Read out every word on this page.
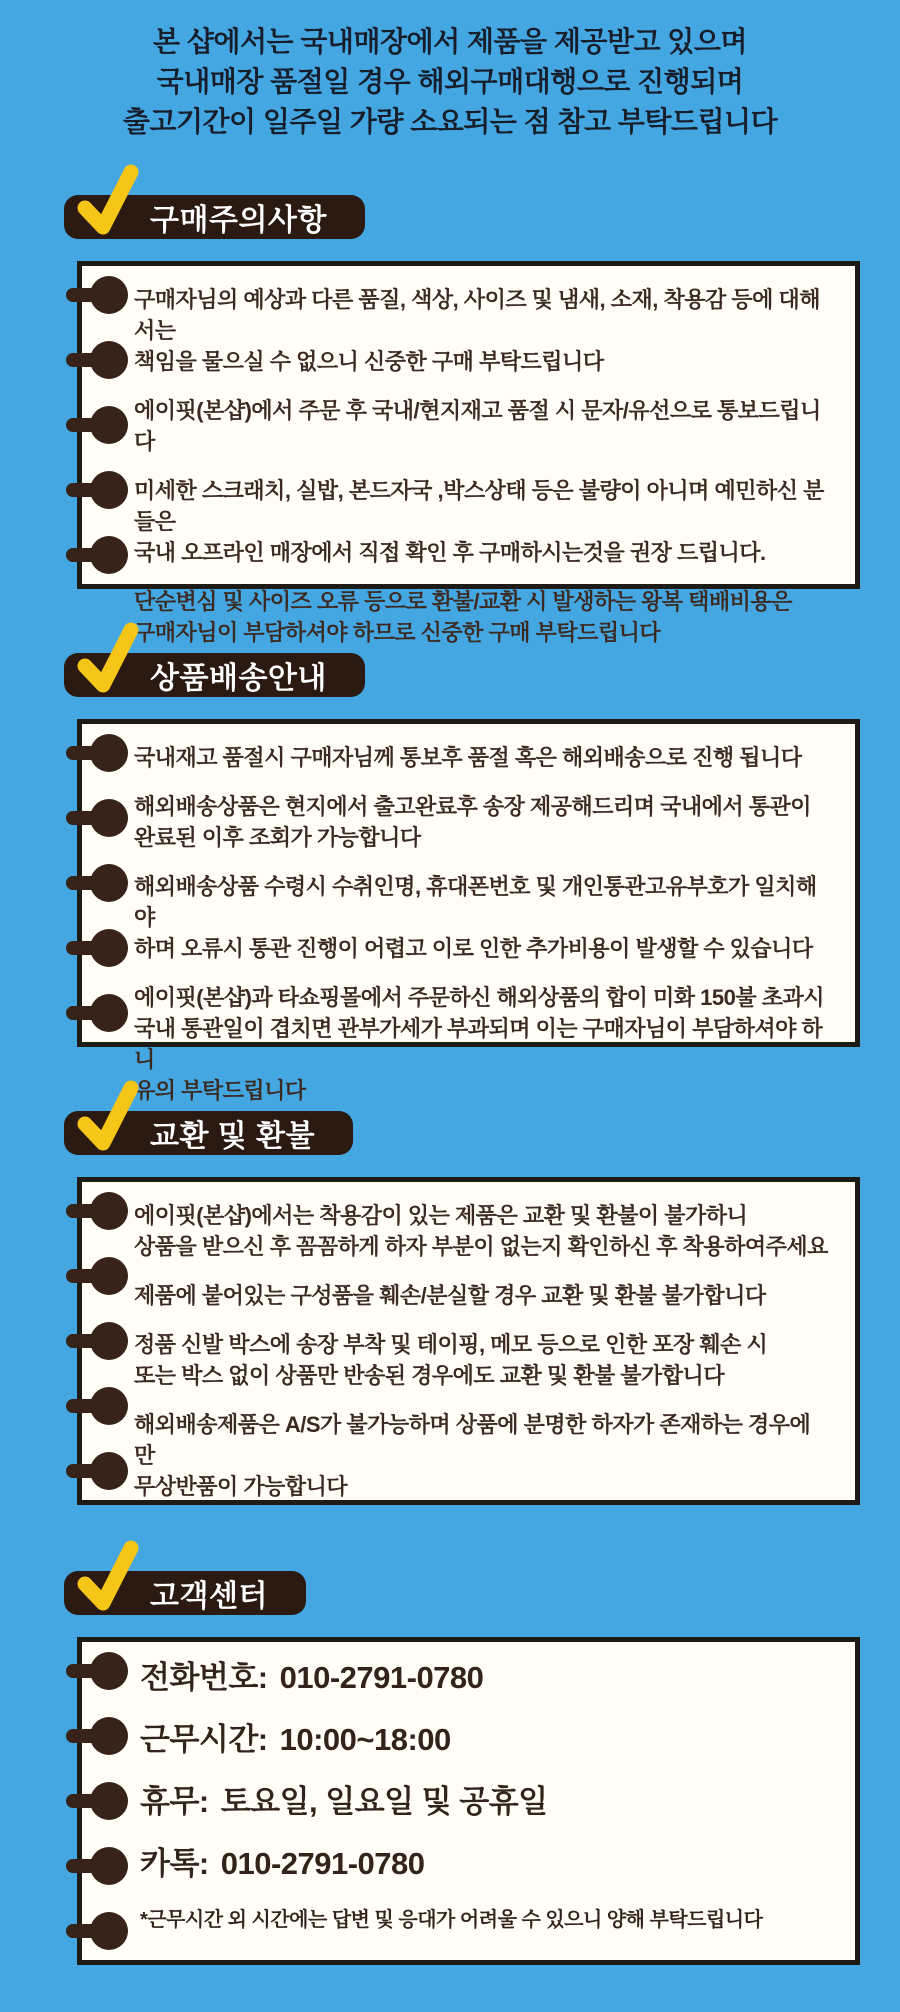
본 샵에서는 국내매장에서 제품을 제공받고 있으며
국내매장 품절일 경우 해외구매대행으로 진행되며
출고기간이 일주일 가량 소요되는 점 참고 부탁드립니다
구매주의사항

구매자님의 예상과 다른 품질, 색상, 사이즈 및 냄새, 소재, 착용감 등에 대해서는
책임을 물으실 수 없으니 신중한 구매 부탁드립니다

에이핏(본샵)에서 주문 후 국내/현지재고 품절 시 문자/유선으로 통보드립니다

미세한 스크래치, 실밥, 본드자국 ,박스상태 등은 불량이 아니며 예민하신 분들은
국내 오프라인 매장에서 직접 확인 후 구매하시는것을 권장 드립니다.

단순변심 및 사이즈 오류 등으로 환불/교환 시 발생하는 왕복 택배비용은
구매자님이 부담하셔야 하므로 신중한 구매 부탁드립니다

상품배송안내

국내재고 품절시 구매자님께 통보후 품절 혹은 해외배송으로 진행 됩니다

해외배송상품은 현지에서 출고완료후 송장 제공해드리며 국내에서 통관이
완료된 이후 조회가 가능합니다

해외배송상품 수령시 수취인명, 휴대폰번호 및 개인통관고유부호가 일치해야
하며 오류시 통관 진행이 어렵고 이로 인한 추가비용이 발생할 수 있습니다

에이핏(본샵)과 타쇼핑몰에서 주문하신 해외상품의 합이 미화 150불 초과시
국내 통관일이 겹치면 관부가세가 부과되며 이는 구매자님이 부담하셔야 하니
유의 부탁드립니다

교환 및 환불

에이핏(본샵)에서는 착용감이 있는 제품은 교환 및 환불이 불가하니
상품을 받으신 후 꼼꼼하게 하자 부분이 없는지 확인하신 후 착용하여주세요

제품에 붙어있는 구성품을 훼손/분실할 경우 교환 및 환불 불가합니다

정품 신발 박스에 송장 부착 및 테이핑, 메모 등으로 인한 포장 훼손 시
또는 박스 없이 상품만 반송된 경우에도 교환 및 환불 불가합니다

해외배송제품은 A/S가 불가능하며 상품에 분명한 하자가 존재하는 경우에만
무상반품이 가능합니다

고객센터

전화번호: 010-2791-0780

근무시간: 10:00~18:00

휴무: 토요일, 일요일 및 공휴일

카톡: 010-2791-0780

*근무시간 외 시간에는 답변 및 응대가 어려울 수 있으니 양해 부탁드립니다
